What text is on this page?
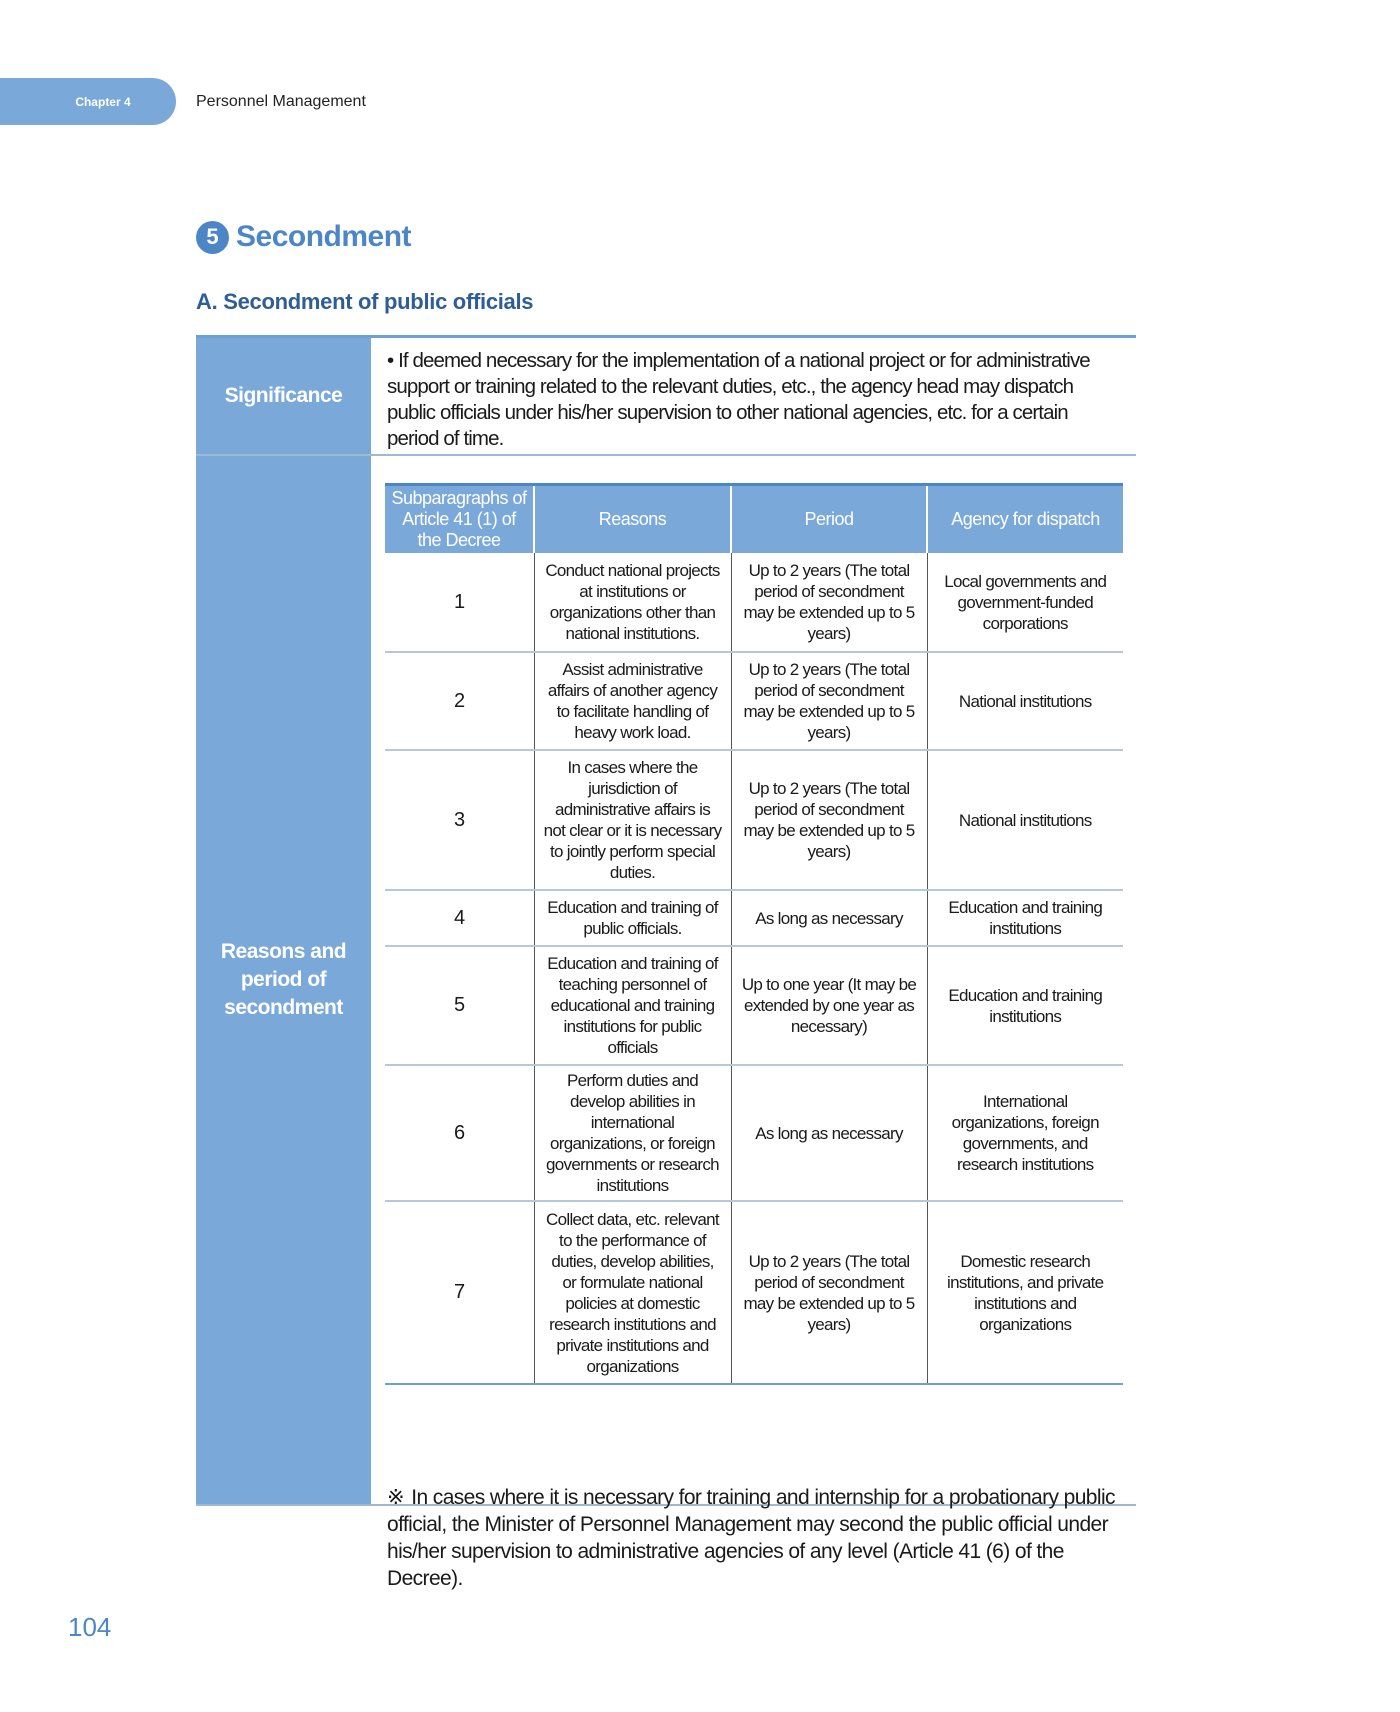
Chapter 4	Personnel Management
5 Secondment
A. Secondment of public officials
Significance
• If deemed necessary for the implementation of a national project or for administrative support or training related to the relevant duties, etc., the agency head may dispatch public officials under his/her supervision to other national agencies, etc. for a certain period of time.
Reasons and period of secondment
Subparagraphs of Article 41 (1) of the Decree	Reasons	Period	Agency for dispatch
1	Conduct national projects at institutions or organizations other than national institutions.	Up to 2 years (The total period of secondment may be extended up to 5 years)	Local governments and government-funded corporations
2	Assist administrative affairs of another agency to facilitate handling of heavy work load.	Up to 2 years (The total period of secondment may be extended up to 5 years)	National institutions
3	In cases where the jurisdiction of administrative affairs is not clear or it is necessary to jointly perform special duties.	Up to 2 years (The total period of secondment may be extended up to 5 years)	National institutions
4	Education and training of public officials.	As long as necessary	Education and training institutions
5	Education and training of teaching personnel of educational and training institutions for public officials	Up to one year (It may be extended by one year as necessary)	Education and training institutions
6	Perform duties and develop abilities in international organizations, or foreign governments or research institutions	As long as necessary	International organizations, foreign governments, and research institutions
7	Collect data, etc. relevant to the performance of duties, develop abilities, or formulate national policies at domestic research institutions and private institutions and organizations	Up to 2 years (The total period of secondment may be extended up to 5 years)	Domestic research institutions, and private institutions and organizations
※ In cases where it is necessary for training and internship for a probationary public official, the Minister of Personnel Management may second the public official under his/her supervision to administrative agencies of any level (Article 41 (6) of the Decree).
104
